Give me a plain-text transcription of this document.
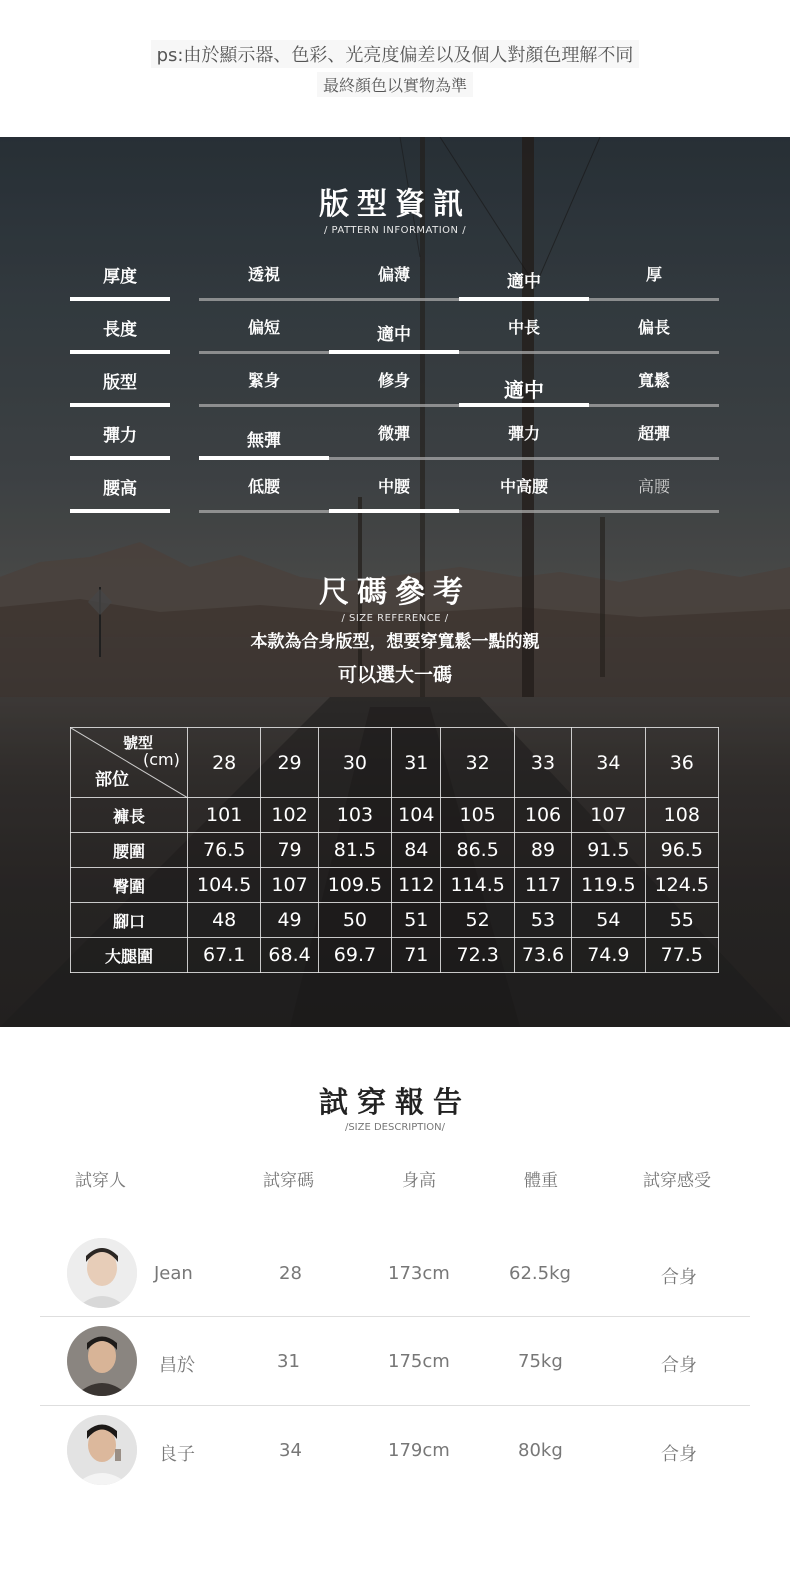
ps:由於顯示器、色彩、光亮度偏差以及個人對顏色理解不同
最終顏色以實物為準
版型資訊
/ PATTERN INFORMATION /
厚度	透視	偏薄	適中	厚
長度	偏短	適中	中長	偏長
版型	緊身	修身	適中	寬鬆
彈力	無彈	微彈	彈力	超彈
腰高	低腰	中腰	中高腰	高腰
尺碼參考
/ SIZE REFERENCE /
本款為合身版型，想要穿寬鬆一點的親
可以選大一碼
號型
(cm)
部位	28	29	30	31	32	33	34	36
褲長	101	102	103	104	105	106	107	108
腰圍	76.5	79	81.5	84	86.5	89	91.5	96.5
臀圍	104.5	107	109.5	112	114.5	117	119.5	124.5
腳口	48	49	50	51	52	53	54	55
大腿圍	67.1	68.4	69.7	71	72.3	73.6	74.9	77.5
試穿報告
/SIZE DESCRIPTION/
試穿人	試穿碼	身高	體重	試穿感受
Jean	28	173cm	62.5kg	合身
昌於	31	175cm	75kg	合身
良子	34	179cm	80kg	合身
